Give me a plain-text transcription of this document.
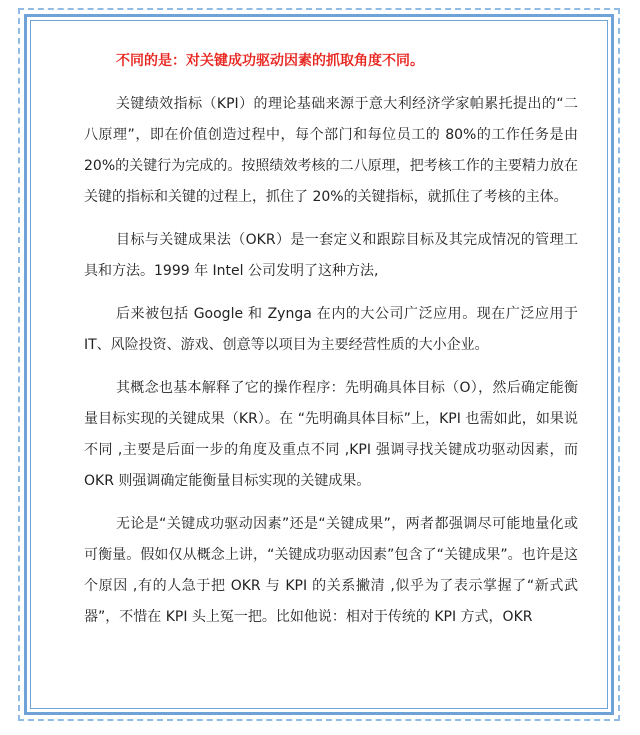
不同的是：对关键成功驱动因素的抓取角度不同。

关键绩效指标（KPI）的理论基础来源于意大利经济学家帕累托提出的“二八原理”，即在价值创造过程中，每个部门和每位员工的 80%的工作任务是由 20%的关键行为完成的。按照绩效考核的二八原理，把考核工作的主要精力放在关键的指标和关键的过程上，抓住了 20%的关键指标，就抓住了考核的主体。

目标与关键成果法（OKR）是一套定义和跟踪目标及其完成情况的管理工具和方法。1999 年 Intel 公司发明了这种方法,

后来被包括 Google 和 Zynga 在内的大公司广泛应用。现在广泛应用于 IT、风险投资、游戏、创意等以项目为主要经营性质的大小企业。

其概念也基本解释了它的操作程序：先明确具体目标（O），然后确定能衡量目标实现的关键成果（KR）。在 “先明确具体目标”上，KPI 也需如此，如果说不同 ,主要是后面一步的角度及重点不同 ,KPI 强调寻找关键成功驱动因素，而 OKR 则强调确定能衡量目标实现的关键成果。

无论是“关键成功驱动因素”还是“关键成果”，两者都强调尽可能地量化或可衡量。假如仅从概念上讲，“关键成功驱动因素”包含了“关键成果”。也许是这个原因 ,有的人急于把 OKR 与 KPI 的关系撇清 ,似乎为了表示掌握了“新式武器”，不惜在 KPI 头上冤一把。比如他说：相对于传统的 KPI 方式，OKR
